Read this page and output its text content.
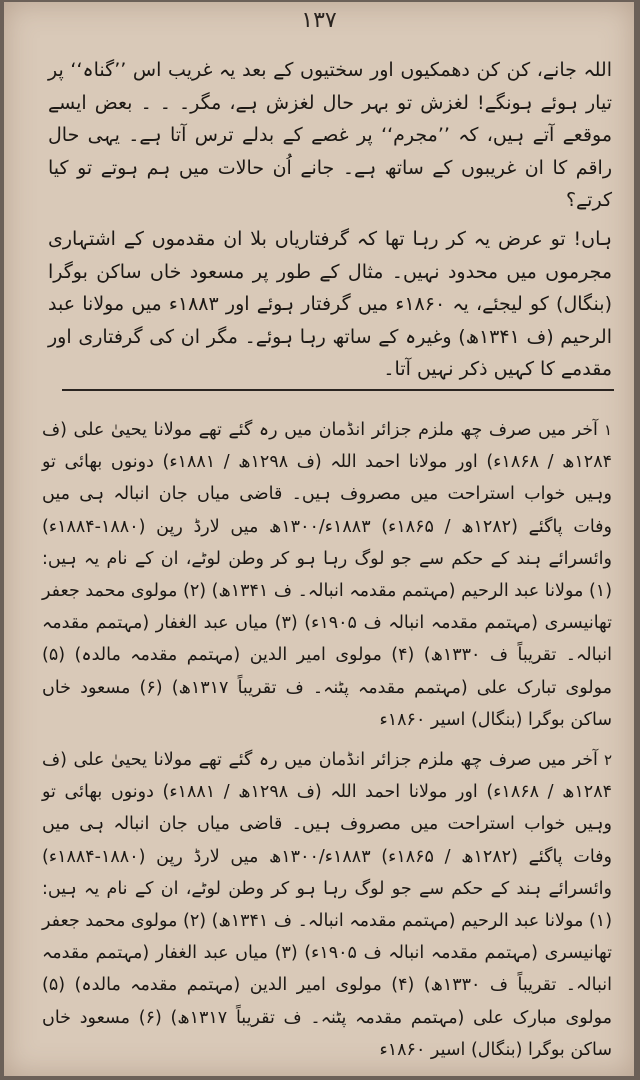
۱۳۷

اللہ جانے، کن کن دھمکیوں اور سختیوں کے بعد یہ غریب اس ’’گناہ‘‘ پر تیار ہوئے ہونگے! لغزش تو بہر حال لغزش ہے، مگر۔ ۔ ۔ بعض ایسے موقعے آتے ہیں، کہ ’’مجرم‘‘ پر غصے کے بدلے ترس آتا ہے۔ یہی حال راقم کا ان غریبوں کے ساتھ ہے۔ جانے اُن حالات میں ہم ہوتے تو کیا کرتے؟

ہاں! تو عرض یہ کر رہا تھا کہ گرفتاریاں بلا ان مقدموں کے اشتہاری مجرموں میں محدود نہیں۔ مثال کے طور پر مسعود خاں ساکن بوگرا (بنگال) کو لیجئے، یہ ۱۸۶۰ء میں گرفتار ہوئے اور ۱۸۸۳ء میں مولانا عبد الرحیم (ف ۱۳۴۱ھ) وغیرہ کے ساتھ رہا ہوئے۔ مگر ان کی گرفتاری اور مقدمے کا کہیں ذکر نہیں آتا۔

۱آخر میں صرف چھ ملزم جزائر انڈمان میں رہ گئے تھے مولانا یحییٰ علی (ف ۱۲۸۴ھ / ۱۸۶۸ء) اور مولانا احمد اللہ (ف ۱۲۹۸ھ / ۱۸۸۱ء) دونوں بھائی تو وہیں خواب استراحت میں مصروف ہیں۔ قاضی میاں جان انبالہ ہی میں وفات پاگئے (۱۲۸۲ھ / ۱۸۶۵ء) ۱۸۸۳ء/۱۳۰۰ھ میں لارڈ رپن (۱۸۸۰-۱۸۸۴ء) وائسرائے ہند کے حکم سے جو لوگ رہا ہو کر وطن لوٹے، ان کے نام یہ ہیں: (۱) مولانا عبد الرحیم (مہتمم مقدمہ انبالہ۔ ف ۱۳۴۱ھ) (۲) مولوی محمد جعفر تھانیسری (مہتمم مقدمہ انبالہ ف ۱۹۰۵ء) (۳) میاں عبد الغفار (مہتمم مقدمہ انبالہ۔ تقریباً ف ۱۳۳۰ھ) (۴) مولوی امیر الدین (مہتمم مقدمہ مالدہ) (۵) مولوی تبارک علی (مہتمم مقدمہ پٹنہ۔ ف تقریباً ۱۳۱۷ھ) (۶) مسعود خاں ساکن بوگرا (بنگال) اسیر ۱۸۶۰ء
۲آخر میں صرف چھ ملزم جزائر انڈمان میں رہ گئے تھے مولانا یحییٰ علی (ف ۱۲۸۴ھ / ۱۸۶۸ء) اور مولانا احمد اللہ (ف ۱۲۹۸ھ / ۱۸۸۱ء) دونوں بھائی تو وہیں خواب استراحت میں مصروف ہیں۔ قاضی میاں جان انبالہ ہی میں وفات پاگئے (۱۲۸۲ھ / ۱۸۶۵ء) ۱۸۸۳ء/۱۳۰۰ھ میں لارڈ رپن (۱۸۸۰-۱۸۸۴ء) وائسرائے ہند کے حکم سے جو لوگ رہا ہو کر وطن لوٹے، ان کے نام یہ ہیں: (۱) مولانا عبد الرحیم (مہتمم مقدمہ انبالہ۔ ف ۱۳۴۱ھ) (۲) مولوی محمد جعفر تھانیسری (مہتمم مقدمہ انبالہ ف ۱۹۰۵ء) (۳) میاں عبد الغفار (مہتمم مقدمہ انبالہ۔ تقریباً ف ۱۳۳۰ھ) (۴) مولوی امیر الدین (مہتمم مقدمہ مالدہ) (۵) مولوی مبارک علی (مہتمم مقدمہ پٹنہ۔ ف تقریباً ۱۳۱۷ھ) (۶) مسعود خاں ساکن بوگرا (بنگال) اسیر ۱۸۶۰ء
